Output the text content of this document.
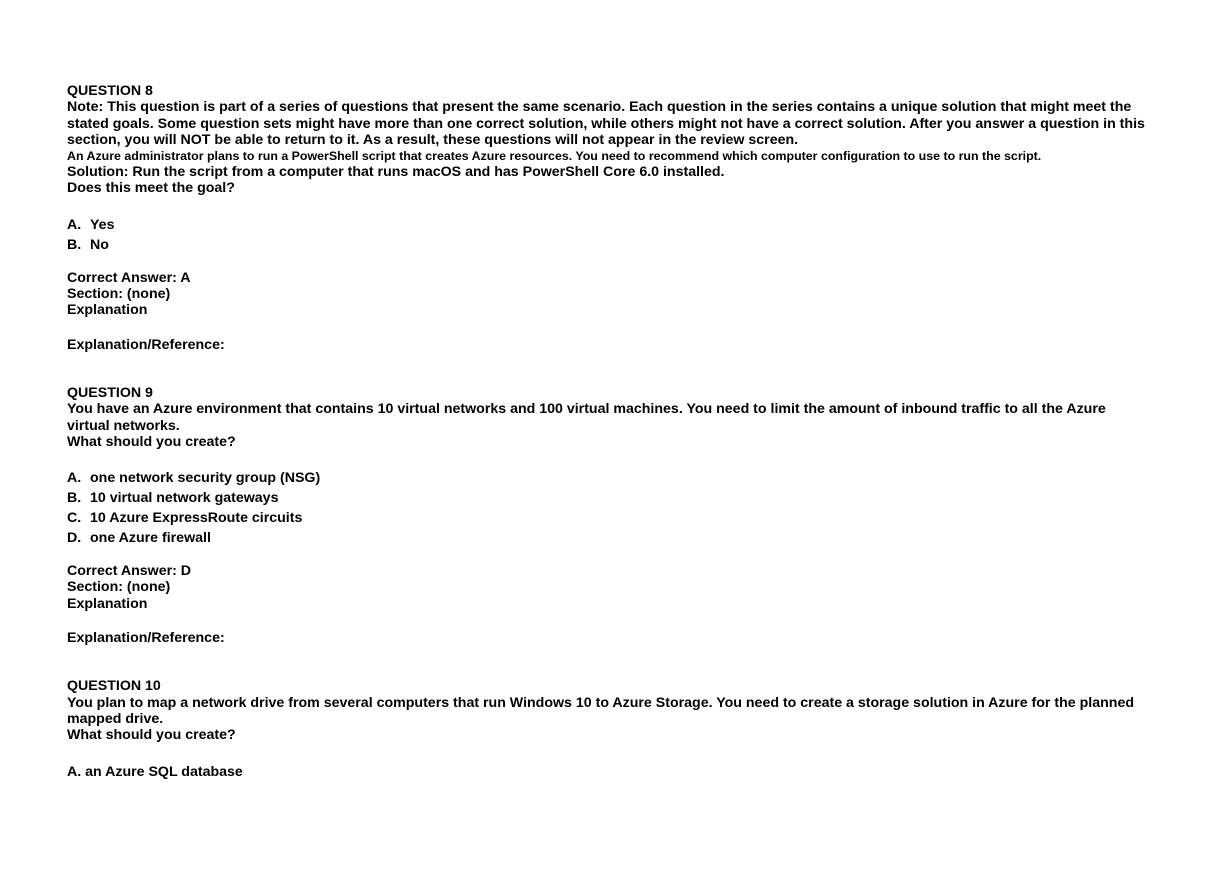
QUESTION 8
Note: This question is part of a series of questions that present the same scenario. Each question in the series contains a unique solution that might meet the stated goals. Some question sets might have more than one correct solution, while others might not have a correct solution. After you answer a question in this section, you will NOT be able to return to it. As a result, these questions will not appear in the review screen.
An Azure administrator plans to run a PowerShell script that creates Azure resources. You need to recommend which computer configuration to use to run the script.
Solution: Run the script from a computer that runs macOS and has PowerShell Core 6.0 installed.
Does this meet the goal?
A. Yes
B. No
Correct Answer: A
Section: (none)
Explanation
Explanation/Reference:
QUESTION 9
You have an Azure environment that contains 10 virtual networks and 100 virtual machines. You need to limit the amount of inbound traffic to all the Azure virtual networks.
What should you create?
A. one network security group (NSG)
B. 10 virtual network gateways
C. 10 Azure ExpressRoute circuits
D. one Azure firewall
Correct Answer: D
Section: (none)
Explanation
Explanation/Reference:
QUESTION 10
You plan to map a network drive from several computers that run Windows 10 to Azure Storage. You need to create a storage solution in Azure for the planned mapped drive.
What should you create?
A. an Azure SQL database
